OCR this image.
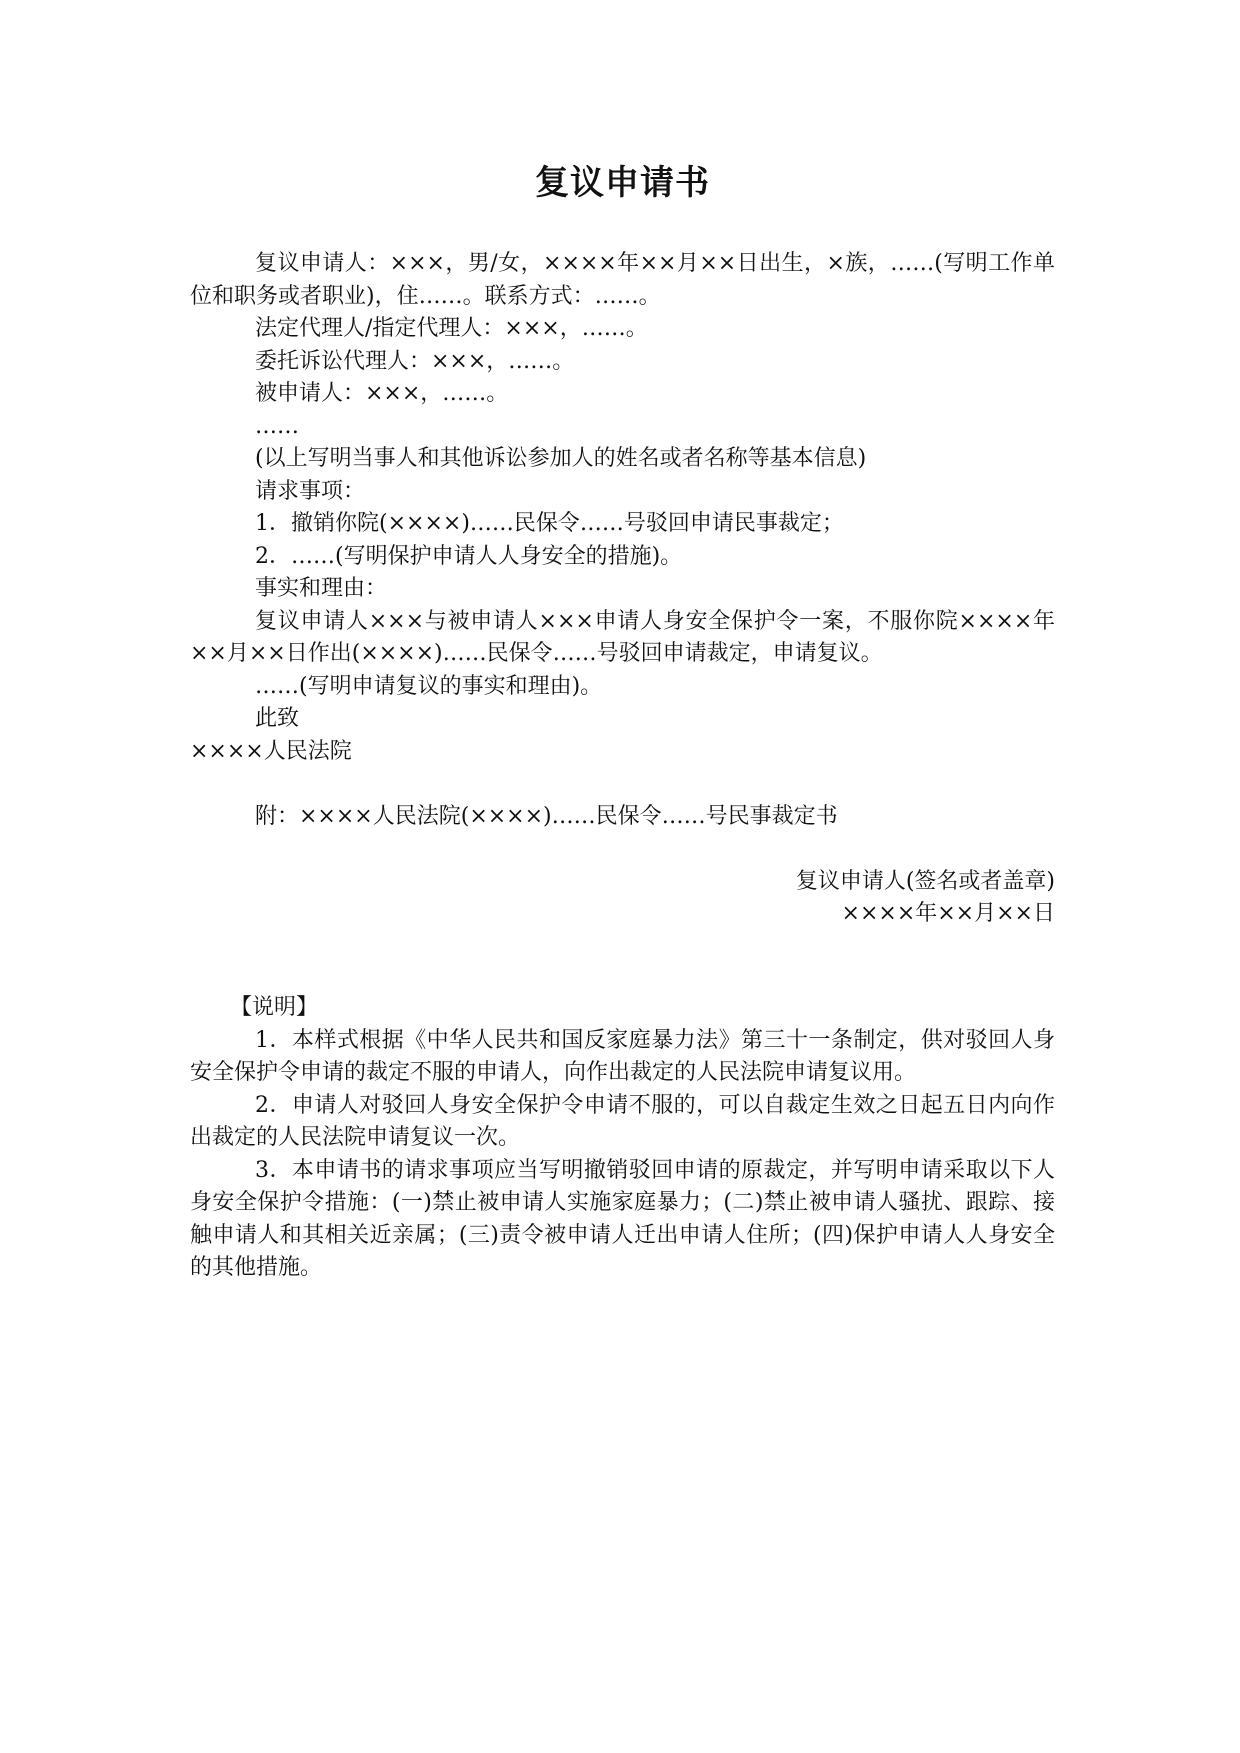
复议申请书

复议申请人：×××，男/女，××××年××月××日出生，×族，……(写明工作单位和职务或者职业)，住……。联系方式：……。

法定代理人/指定代理人：×××，……。

委托诉讼代理人：×××，……。

被申请人：×××，……。

……

(以上写明当事人和其他诉讼参加人的姓名或者名称等基本信息)

请求事项：

1．撤销你院(××××)……民保令……号驳回申请民事裁定；

2．……(写明保护申请人人身安全的措施)。

事实和理由：

复议申请人×××与被申请人×××申请人身安全保护令一案，不服你院××××年××月××日作出(××××)……民保令……号驳回申请裁定，申请复议。

……(写明申请复议的事实和理由)。

此致

××××人民法院

附：××××人民法院(××××)……民保令……号民事裁定书

复议申请人(签名或者盖章)

××××年××月××日

【说明】

1．本样式根据《中华人民共和国反家庭暴力法》第三十一条制定，供对驳回人身安全保护令申请的裁定不服的申请人，向作出裁定的人民法院申请复议用。

2．申请人对驳回人身安全保护令申请不服的，可以自裁定生效之日起五日内向作出裁定的人民法院申请复议一次。

3．本申请书的请求事项应当写明撤销驳回申请的原裁定，并写明申请采取以下人身安全保护令措施：(一)禁止被申请人实施家庭暴力；(二)禁止被申请人骚扰、跟踪、接触申请人和其相关近亲属；(三)责令被申请人迁出申请人住所；(四)保护申请人人身安全的其他措施。
